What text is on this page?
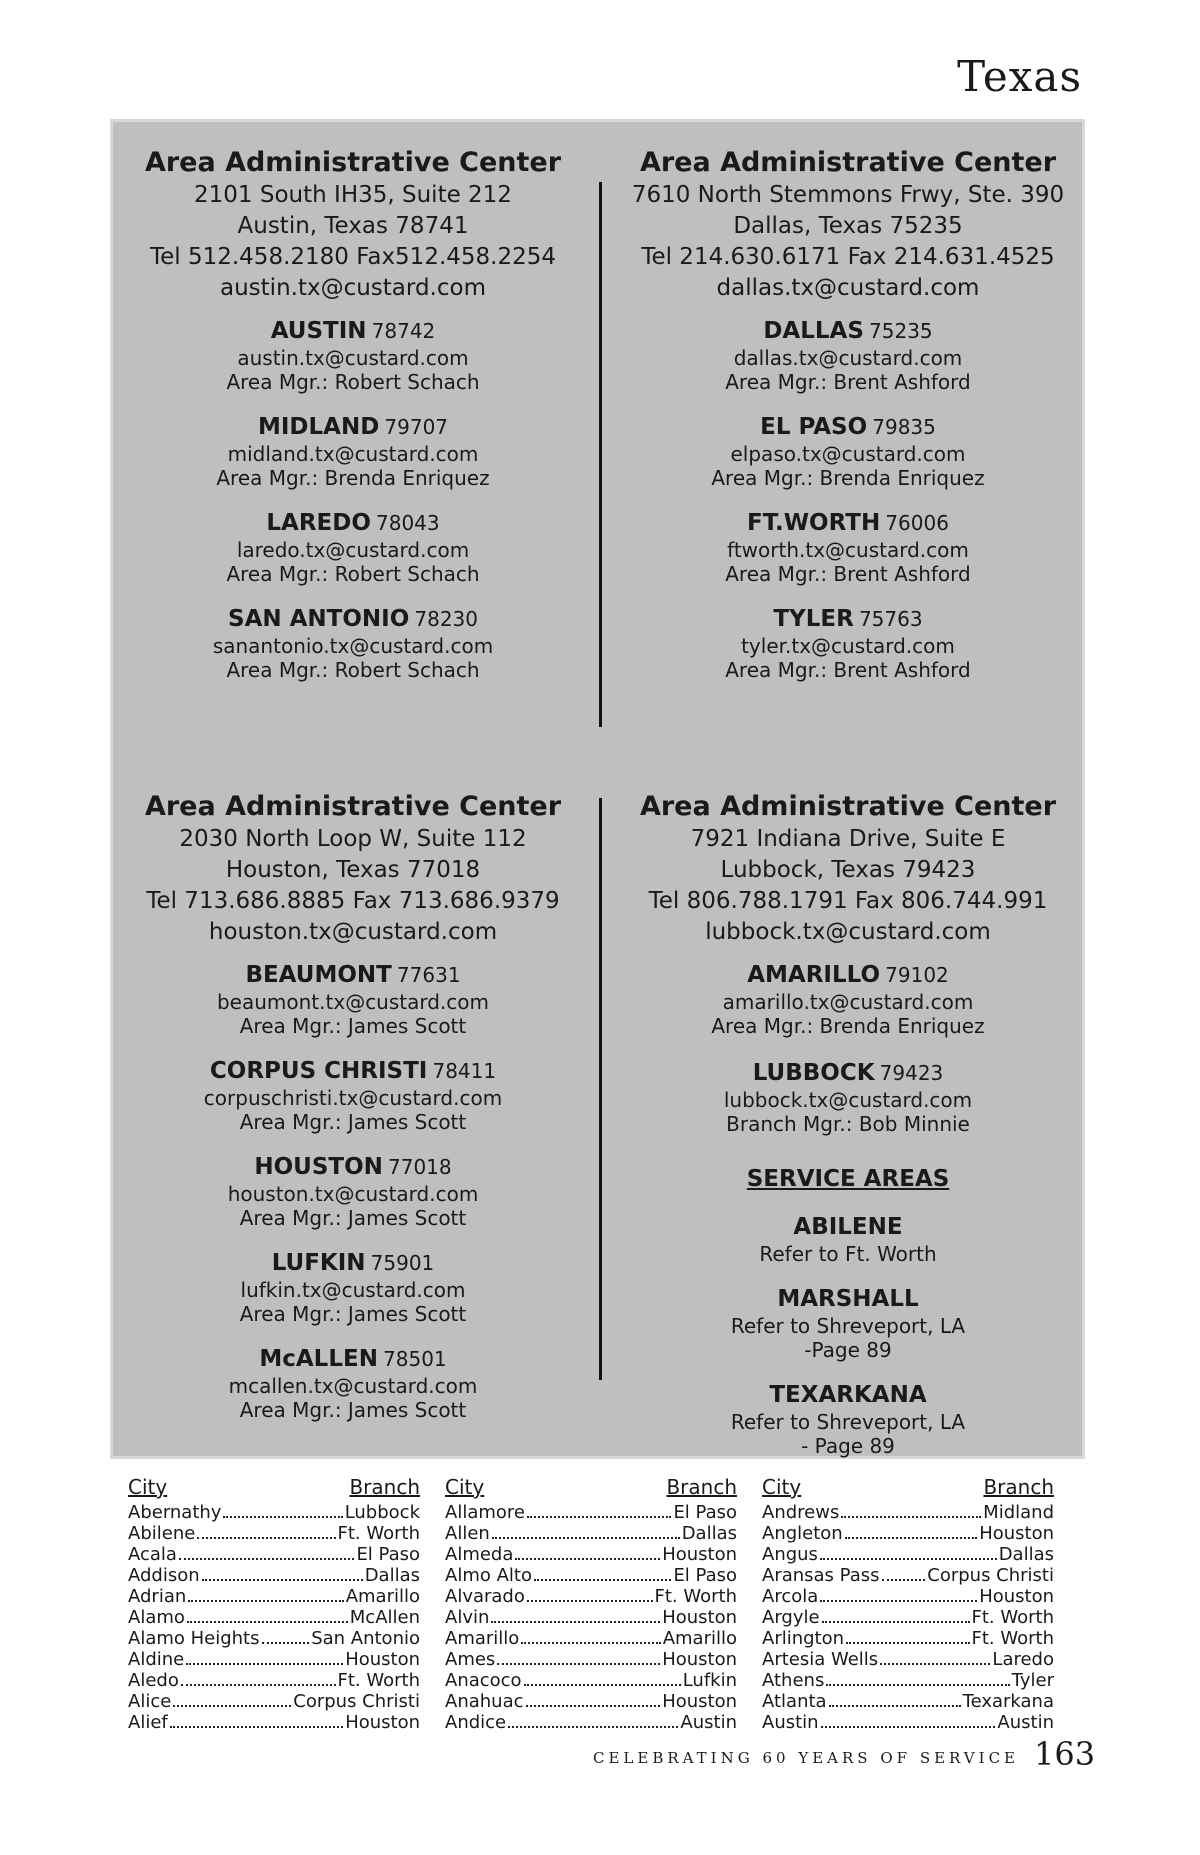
Texas
Area Administrative Center
2101 South IH35, Suite 212
Austin, Texas 78741
Tel 512.458.2180 Fax512.458.2254
austin.tx@custard.com
AUSTIN 78742
austin.tx@custard.com
Area Mgr.: Robert Schach
MIDLAND 79707
midland.tx@custard.com
Area Mgr.: Brenda Enriquez
LAREDO 78043
laredo.tx@custard.com
Area Mgr.: Robert Schach
SAN ANTONIO 78230
sanantonio.tx@custard.com
Area Mgr.: Robert Schach
Area Administrative Center
7610 North Stemmons Frwy, Ste. 390
Dallas, Texas 75235
Tel 214.630.6171 Fax 214.631.4525
dallas.tx@custard.com
DALLAS 75235
dallas.tx@custard.com
Area Mgr.: Brent Ashford
EL PASO 79835
elpaso.tx@custard.com
Area Mgr.: Brenda Enriquez
FT.WORTH 76006
ftworth.tx@custard.com
Area Mgr.: Brent Ashford
TYLER 75763
tyler.tx@custard.com
Area Mgr.: Brent Ashford
Area Administrative Center
2030 North Loop W, Suite 112
Houston, Texas 77018
Tel 713.686.8885 Fax 713.686.9379
houston.tx@custard.com
BEAUMONT 77631
beaumont.tx@custard.com
Area Mgr.: James Scott
CORPUS CHRISTI 78411
corpuschristi.tx@custard.com
Area Mgr.: James Scott
HOUSTON 77018
houston.tx@custard.com
Area Mgr.: James Scott
LUFKIN 75901
lufkin.tx@custard.com
Area Mgr.: James Scott
McALLEN 78501
mcallen.tx@custard.com
Area Mgr.: James Scott
Area Administrative Center
7921 Indiana Drive, Suite E
Lubbock, Texas 79423
Tel 806.788.1791 Fax 806.744.991
lubbock.tx@custard.com
AMARILLO 79102
amarillo.tx@custard.com
Area Mgr.: Brenda Enriquez
LUBBOCK 79423
lubbock.tx@custard.com
Branch Mgr.: Bob Minnie
SERVICE AREAS
ABILENE
Refer to Ft. Worth
MARSHALL
Refer to Shreveport, LA
-Page 89
TEXARKANA
Refer to Shreveport, LA
- Page 89
City	Branch
Abernathy	Lubbock
Abilene	Ft. Worth
Acala	El Paso
Addison	Dallas
Adrian	Amarillo
Alamo	McAllen
Alamo Heights	San Antonio
Aldine	Houston
Aledo	Ft. Worth
Alice	Corpus Christi
Alief	Houston
City	Branch
Allamore	El Paso
Allen	Dallas
Almeda	Houston
Almo Alto	El Paso
Alvarado	Ft. Worth
Alvin	Houston
Amarillo	Amarillo
Ames	Houston
Anacoco	Lufkin
Anahuac	Houston
Andice	Austin
City	Branch
Andrews	Midland
Angleton	Houston
Angus	Dallas
Aransas Pass	Corpus Christi
Arcola	Houston
Argyle	Ft. Worth
Arlington	Ft. Worth
Artesia Wells	Laredo
Athens	Tyler
Atlanta	Texarkana
Austin	Austin
CELEBRATING 60 YEARS OF SERVICE 163
